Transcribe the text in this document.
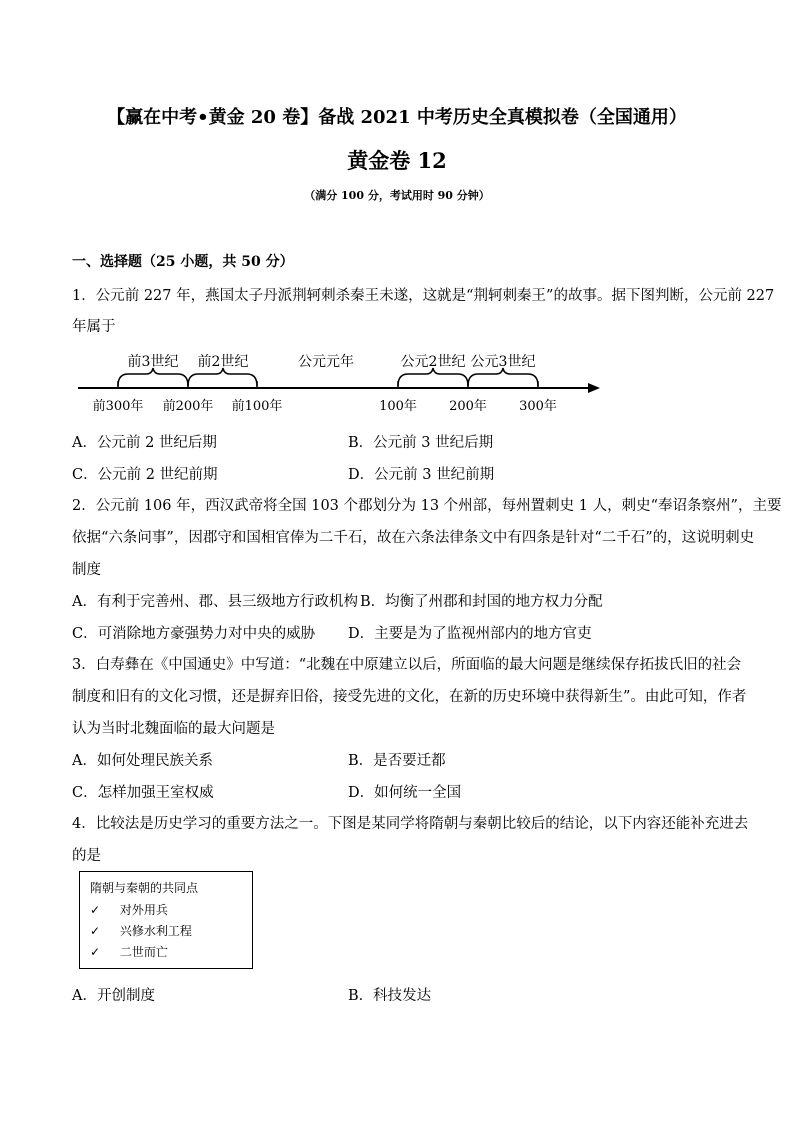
【赢在中考•黄金 20 卷】备战 2021 中考历史全真模拟卷（全国通用）
黄金卷 12
（满分 100 分，考试用时 90 分钟）
一、选择题（25 小题，共 50 分）
1．公元前 227 年，燕国太子丹派荆轲刺杀秦王未遂，这就是“荆轲刺秦王”的故事。据下图判断，公元前 227
年属于
前3世纪 前2世纪	公元元年	公元2世纪 公元3世纪
前300年 前200年 前100年	100年 200年 300年
A．公元前 2 世纪后期	B．公元前 3 世纪后期
C．公元前 2 世纪前期	D．公元前 3 世纪前期
2．公元前 106 年，西汉武帝将全国 103 个郡划分为 13 个州部，每州置刺史 1 人，刺史“奉诏条察州”，主要
依据“六条问事”，因郡守和国相官俸为二千石，故在六条法律条文中有四条是针对“二千石”的，这说明刺史
制度
A．有利于完善州、郡、县三级地方行政机构 B．均衡了州郡和封国的地方权力分配
C．可消除地方豪强势力对中央的威胁 D．主要是为了监视州部内的地方官吏
3．白寿彝在《中国通史》中写道：“北魏在中原建立以后，所面临的最大问题是继续保存拓拔氏旧的社会
制度和旧有的文化习惯，还是摒弃旧俗，接受先进的文化，在新的历史环境中获得新生”。由此可知，作者
认为当时北魏面临的最大问题是
A．如何处理民族关系	B．是否要迁都
C．怎样加强王室权威	D．如何统一全国
4．比较法是历史学习的重要方法之一。下图是某同学将隋朝与秦朝比较后的结论，以下内容还能补充进去
的是
隋朝与秦朝的共同点
✓ 对外用兵
✓ 兴修水利工程
✓ 二世而亡
A．开创制度	B．科技发达
